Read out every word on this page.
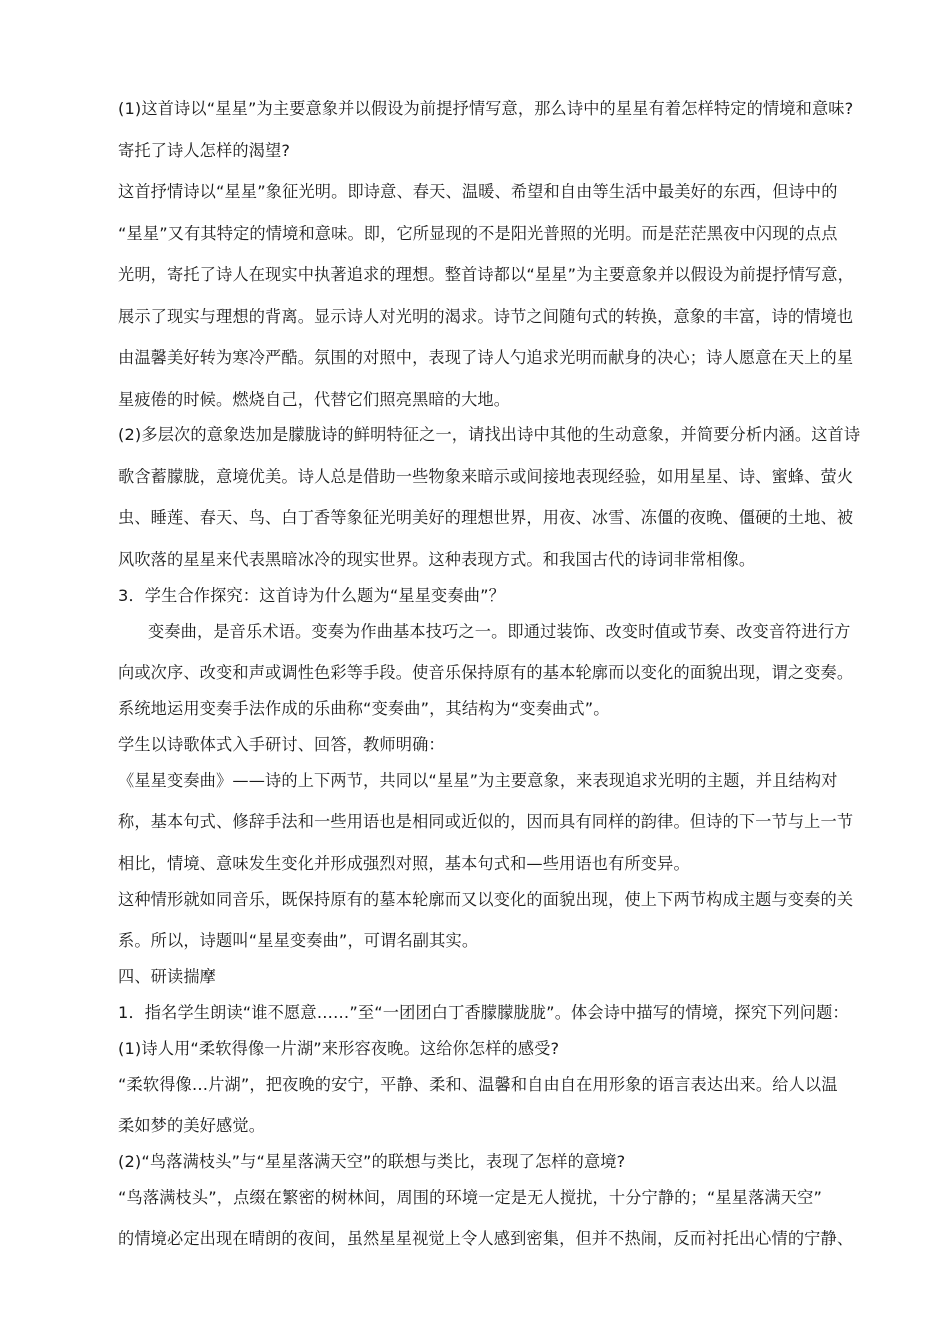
(1)这首诗以“星星”为主要意象并以假设为前提抒情写意，那么诗中的星星有着怎样特定的情境和意味?
寄托了诗人怎样的渴望?
这首抒情诗以“星星”象征光明。即诗意、春天、温暖、希望和自由等生活中最美好的东西，但诗中的
“星星”又有其特定的情境和意味。即，它所显现的不是阳光普照的光明。而是茫茫黑夜中闪现的点点
光明，寄托了诗人在现实中执著追求的理想。整首诗都以“星星”为主要意象并以假设为前提抒情写意，
展示了现实与理想的背离。显示诗人对光明的渴求。诗节之间随句式的转换，意象的丰富，诗的情境也
由温馨美好转为寒冷严酷。氛围的对照中，表现了诗人勺追求光明而献身的决心；诗人愿意在天上的星
星疲倦的时候。燃烧自己，代替它们照亮黑暗的大地。
(2)多层次的意象迭加是朦胧诗的鲜明特征之一，请找出诗中其他的生动意象，并简要分析内涵。这首诗
歌含蓄朦胧，意境优美。诗人总是借助一些物象来暗示或间接地表现经验，如用星星、诗、蜜蜂、萤火
虫、睡莲、春天、鸟、白丁香等象征光明美好的理想世界，用夜、冰雪、冻僵的夜晚、僵硬的土地、被
风吹落的星星来代表黑暗冰冷的现实世界。这种表现方式。和我国古代的诗词非常相像。
3．学生合作探究：这首诗为什么题为“星星变奏曲”？
变奏曲，是音乐术语。变奏为作曲基本技巧之一。即通过装饰、改变时值或节奏、改变音符进行方
向或次序、改变和声或调性色彩等手段。使音乐保持原有的基本轮廓而以变化的面貌出现，谓之变奏。
系统地运用变奏手法作成的乐曲称“变奏曲”，其结构为“变奏曲式”。
学生以诗歌体式入手研讨、回答，教师明确：
《星星变奏曲》——诗的上下两节，共同以“星星”为主要意象，来表现追求光明的主题，并且结构对
称，基本句式、修辞手法和一些用语也是相同或近似的，因而具有同样的韵律。但诗的下一节与上一节
相比，情境、意味发生变化并形成强烈对照，基本句式和—些用语也有所变异。
这种情形就如同音乐，既保持原有的墓本轮廓而又以变化的面貌出现，使上下两节构成主题与变奏的关
系。所以，诗题叫“星星变奏曲”，可谓名副其实。
四、研读揣摩
1．指名学生朗读“谁不愿意……”至“一团团白丁香朦朦胧胧”。体会诗中描写的情境，探究下列问题：
(1)诗人用“柔软得像一片湖”来形容夜晚。这给你怎样的感受?
“柔软得像…片湖”，把夜晚的安宁，平静、柔和、温馨和自由自在用形象的语言表达出来。给人以温
柔如梦的美好感觉。
(2)“鸟落满枝头”与“星星落满天空”的联想与类比，表现了怎样的意境?
“鸟落满枝头”，点缀在繁密的树林间，周围的环境一定是无人搅扰，十分宁静的；“星星落满天空”
的情境必定出现在晴朗的夜间，虽然星星视觉上令人感到密集，但并不热闹，反而衬托出心情的宁静、
